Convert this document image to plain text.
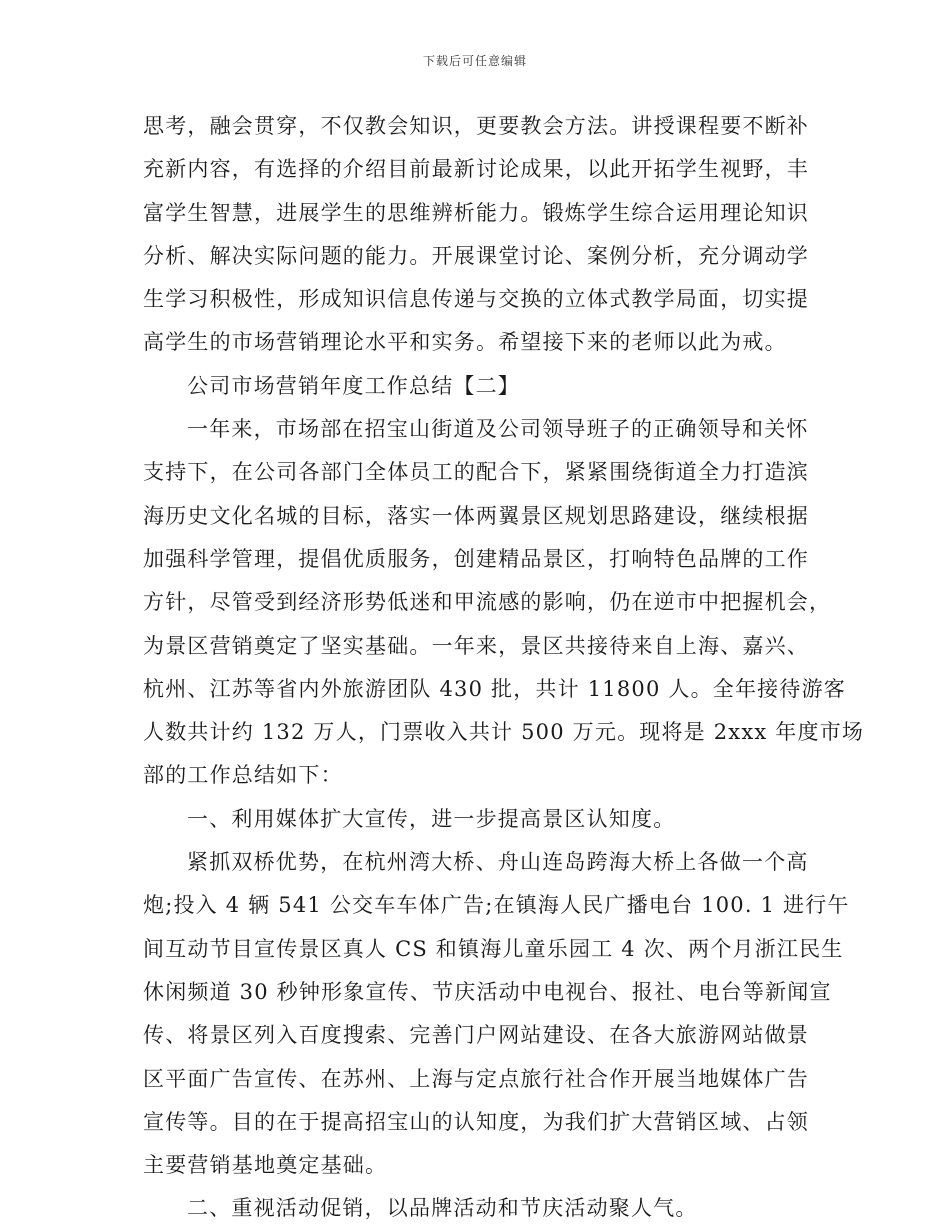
下载后可任意编辑
思考，融会贯穿，不仅教会知识，更要教会方法。讲授课程要不断补
充新内容，有选择的介绍目前最新讨论成果，以此开拓学生视野，丰
富学生智慧，进展学生的思维辨析能力。锻炼学生综合运用理论知识
分析、解决实际问题的能力。开展课堂讨论、案例分析，充分调动学
生学习积极性，形成知识信息传递与交换的立体式教学局面，切实提
高学生的市场营销理论水平和实务。希望接下来的老师以此为戒。
公司市场营销年度工作总结【二】
一年来，市场部在招宝山街道及公司领导班子的正确领导和关怀
支持下，在公司各部门全体员工的配合下，紧紧围绕街道全力打造滨
海历史文化名城的目标，落实一体两翼景区规划思路建设，继续根据
加强科学管理，提倡优质服务，创建精品景区，打响特色品牌的工作
方针，尽管受到经济形势低迷和甲流感的影响，仍在逆市中把握机会，
为景区营销奠定了坚实基础。一年来，景区共接待来自上海、嘉兴、
杭州、江苏等省内外旅游团队 430 批，共计 11800 人。全年接待游客
人数共计约 132 万人，门票收入共计 500 万元。现将是 2xxx 年度市场
部的工作总结如下：
一、利用媒体扩大宣传，进一步提高景区认知度。
紧抓双桥优势，在杭州湾大桥、舟山连岛跨海大桥上各做一个高
炮;投入 4 辆 541 公交车车体广告;在镇海人民广播电台 100. 1 进行午
间互动节目宣传景区真人 CS 和镇海儿童乐园工 4 次、两个月浙江民生
休闲频道 30 秒钟形象宣传、节庆活动中电视台、报社、电台等新闻宣
传、将景区列入百度搜索、完善门户网站建设、在各大旅游网站做景
区平面广告宣传、在苏州、上海与定点旅行社合作开展当地媒体广告
宣传等。目的在于提高招宝山的认知度，为我们扩大营销区域、占领
主要营销基地奠定基础。
二、重视活动促销，以品牌活动和节庆活动聚人气。
